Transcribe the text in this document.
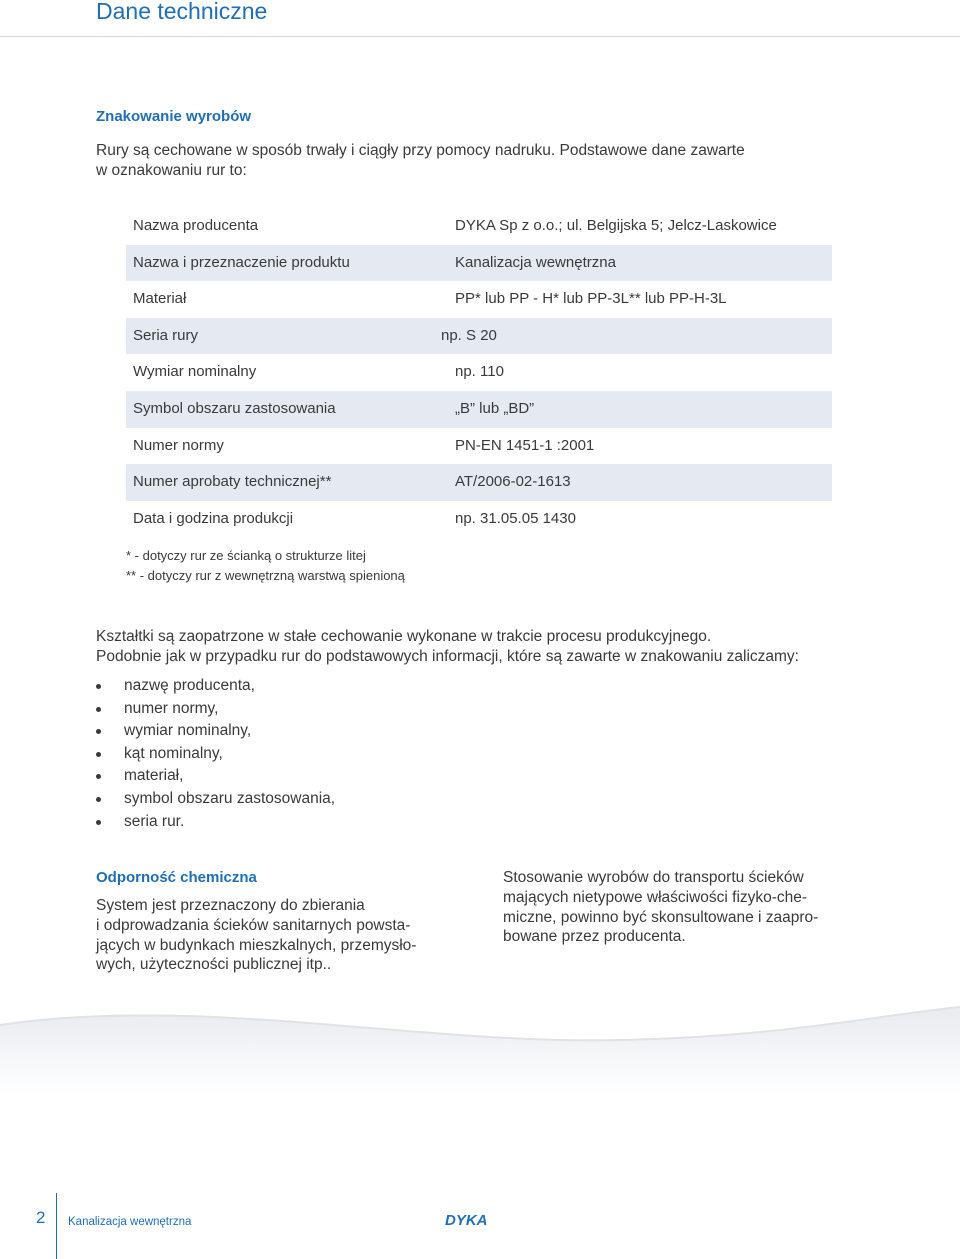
Dane techniczne
Znakowanie wyrobów

Rury są cechowane w sposób trwały i ciągły przy pomocy nadruku. Podstawowe dane zawarte

w oznakowaniu rur to:

Nazwa producenta	DYKA Sp z o.o.; ul. Belgijska 5; Jelcz-Laskowice
Nazwa i przeznaczenie produktu	Kanalizacja wewnętrzna
Materiał	PP* lub PP - H* lub PP-3L** lub PP-H-3L
Seria rury	np. S 20
Wymiar nominalny	np. 110
Symbol obszaru zastosowania	„B” lub „BD”
Numer normy	PN-EN 1451-1 :2001
Numer aprobaty technicznej**	AT/2006-02-1613
Data i godzina produkcji	np. 31.05.05 1430
* - dotyczy rur ze ścianką o strukturze litej
** - dotyczy rur z wewnętrzną warstwą spienioną

Kształtki są zaopatrzone w stałe cechowanie wykonane w trakcie procesu produkcyjnego.

Podobnie jak w przypadku rur do podstawowych informacji, które są zawarte w znakowaniu zaliczamy:

nazwę producenta,
numer normy,
wymiar nominalny,
kąt nominalny,
materiał,
symbol obszaru zastosowania,
seria rur.
Odporność chemiczna
System jest przeznaczony do zbierania
i odprowadzania ścieków sanitarnych powsta-
jących w budynkach mieszkalnych, przemysło-
wych, użyteczności publicznej itp..
Stosowanie wyrobów do transportu ścieków
mających nietypowe właściwości fizyko-che-
miczne, powinno być skonsultowane i zaapro-
bowane przez producenta.
2 Kanalizacja wewnętrzna	DYKA
